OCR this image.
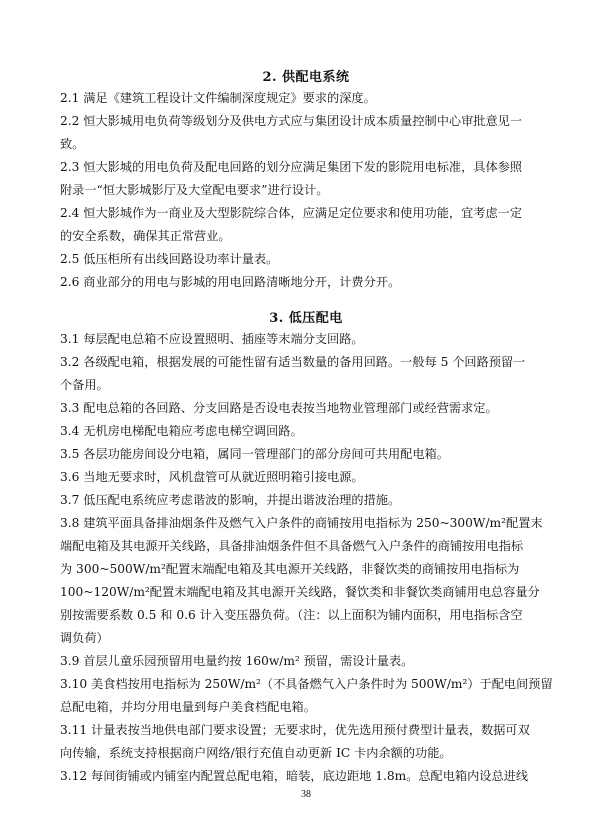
2. 供配电系统
2.1 满足《建筑工程设计文件编制深度规定》要求的深度。
2.2 恒大影城用电负荷等级划分及供电方式应与集团设计成本质量控制中心审批意见一
致。
2.3 恒大影城的用电负荷及配电回路的划分应满足集团下发的影院用电标准，具体参照
附录一“恒大影城影厅及大堂配电要求”进行设计。
2.4 恒大影城作为一商业及大型影院综合体，应满足定位要求和使用功能，宜考虑一定
的安全系数，确保其正常营业。
2.5 低压柜所有出线回路设功率计量表。
2.6 商业部分的用电与影城的用电回路清晰地分开，计费分开。
3. 低压配电
3.1 每层配电总箱不应设置照明、插座等末端分支回路。
3.2 各级配电箱，根据发展的可能性留有适当数量的备用回路。一般每 5 个回路预留一
个备用。
3.3 配电总箱的各回路、分支回路是否设电表按当地物业管理部门或经营需求定。
3.4 无机房电梯配电箱应考虑电梯空调回路。
3.5 各层功能房间设分电箱，属同一管理部门的部分房间可共用配电箱。
3.6 当地无要求时，风机盘管可从就近照明箱引接电源。
3.7 低压配电系统应考虑谐波的影响，并提出谐波治理的措施。
3.8 建筑平面具备排油烟条件及燃气入户条件的商铺按用电指标为 250~300W/m²配置末
端配电箱及其电源开关线路，具备排油烟条件但不具备燃气入户条件的商铺按用电指标
为 300~500W/m²配置末端配电箱及其电源开关线路，非餐饮类的商铺按用电指标为
100~120W/m²配置末端配电箱及其电源开关线路，餐饮类和非餐饮类商铺用电总容量分
别按需要系数 0.5 和 0.6 计入变压器负荷。（注：以上面积为铺内面积，用电指标含空
调负荷）
3.9 首层儿童乐园预留用电量约按 160w/m² 预留，需设计量表。
3.10 美食档按用电指标为 250W/m²（不具备燃气入户条件时为 500W/m²）于配电间预留
总配电箱，并均分用电量到每户美食档配电箱。
3.11 计量表按当地供电部门要求设置；无要求时，优先选用预付费型计量表，数据可双
向传输，系统支持根据商户网络/银行充值自动更新 IC 卡内余额的功能。
3.12 每间街铺或内铺室内配置总配电箱，暗装，底边距地 1.8m。总配电箱内设总进线
38
